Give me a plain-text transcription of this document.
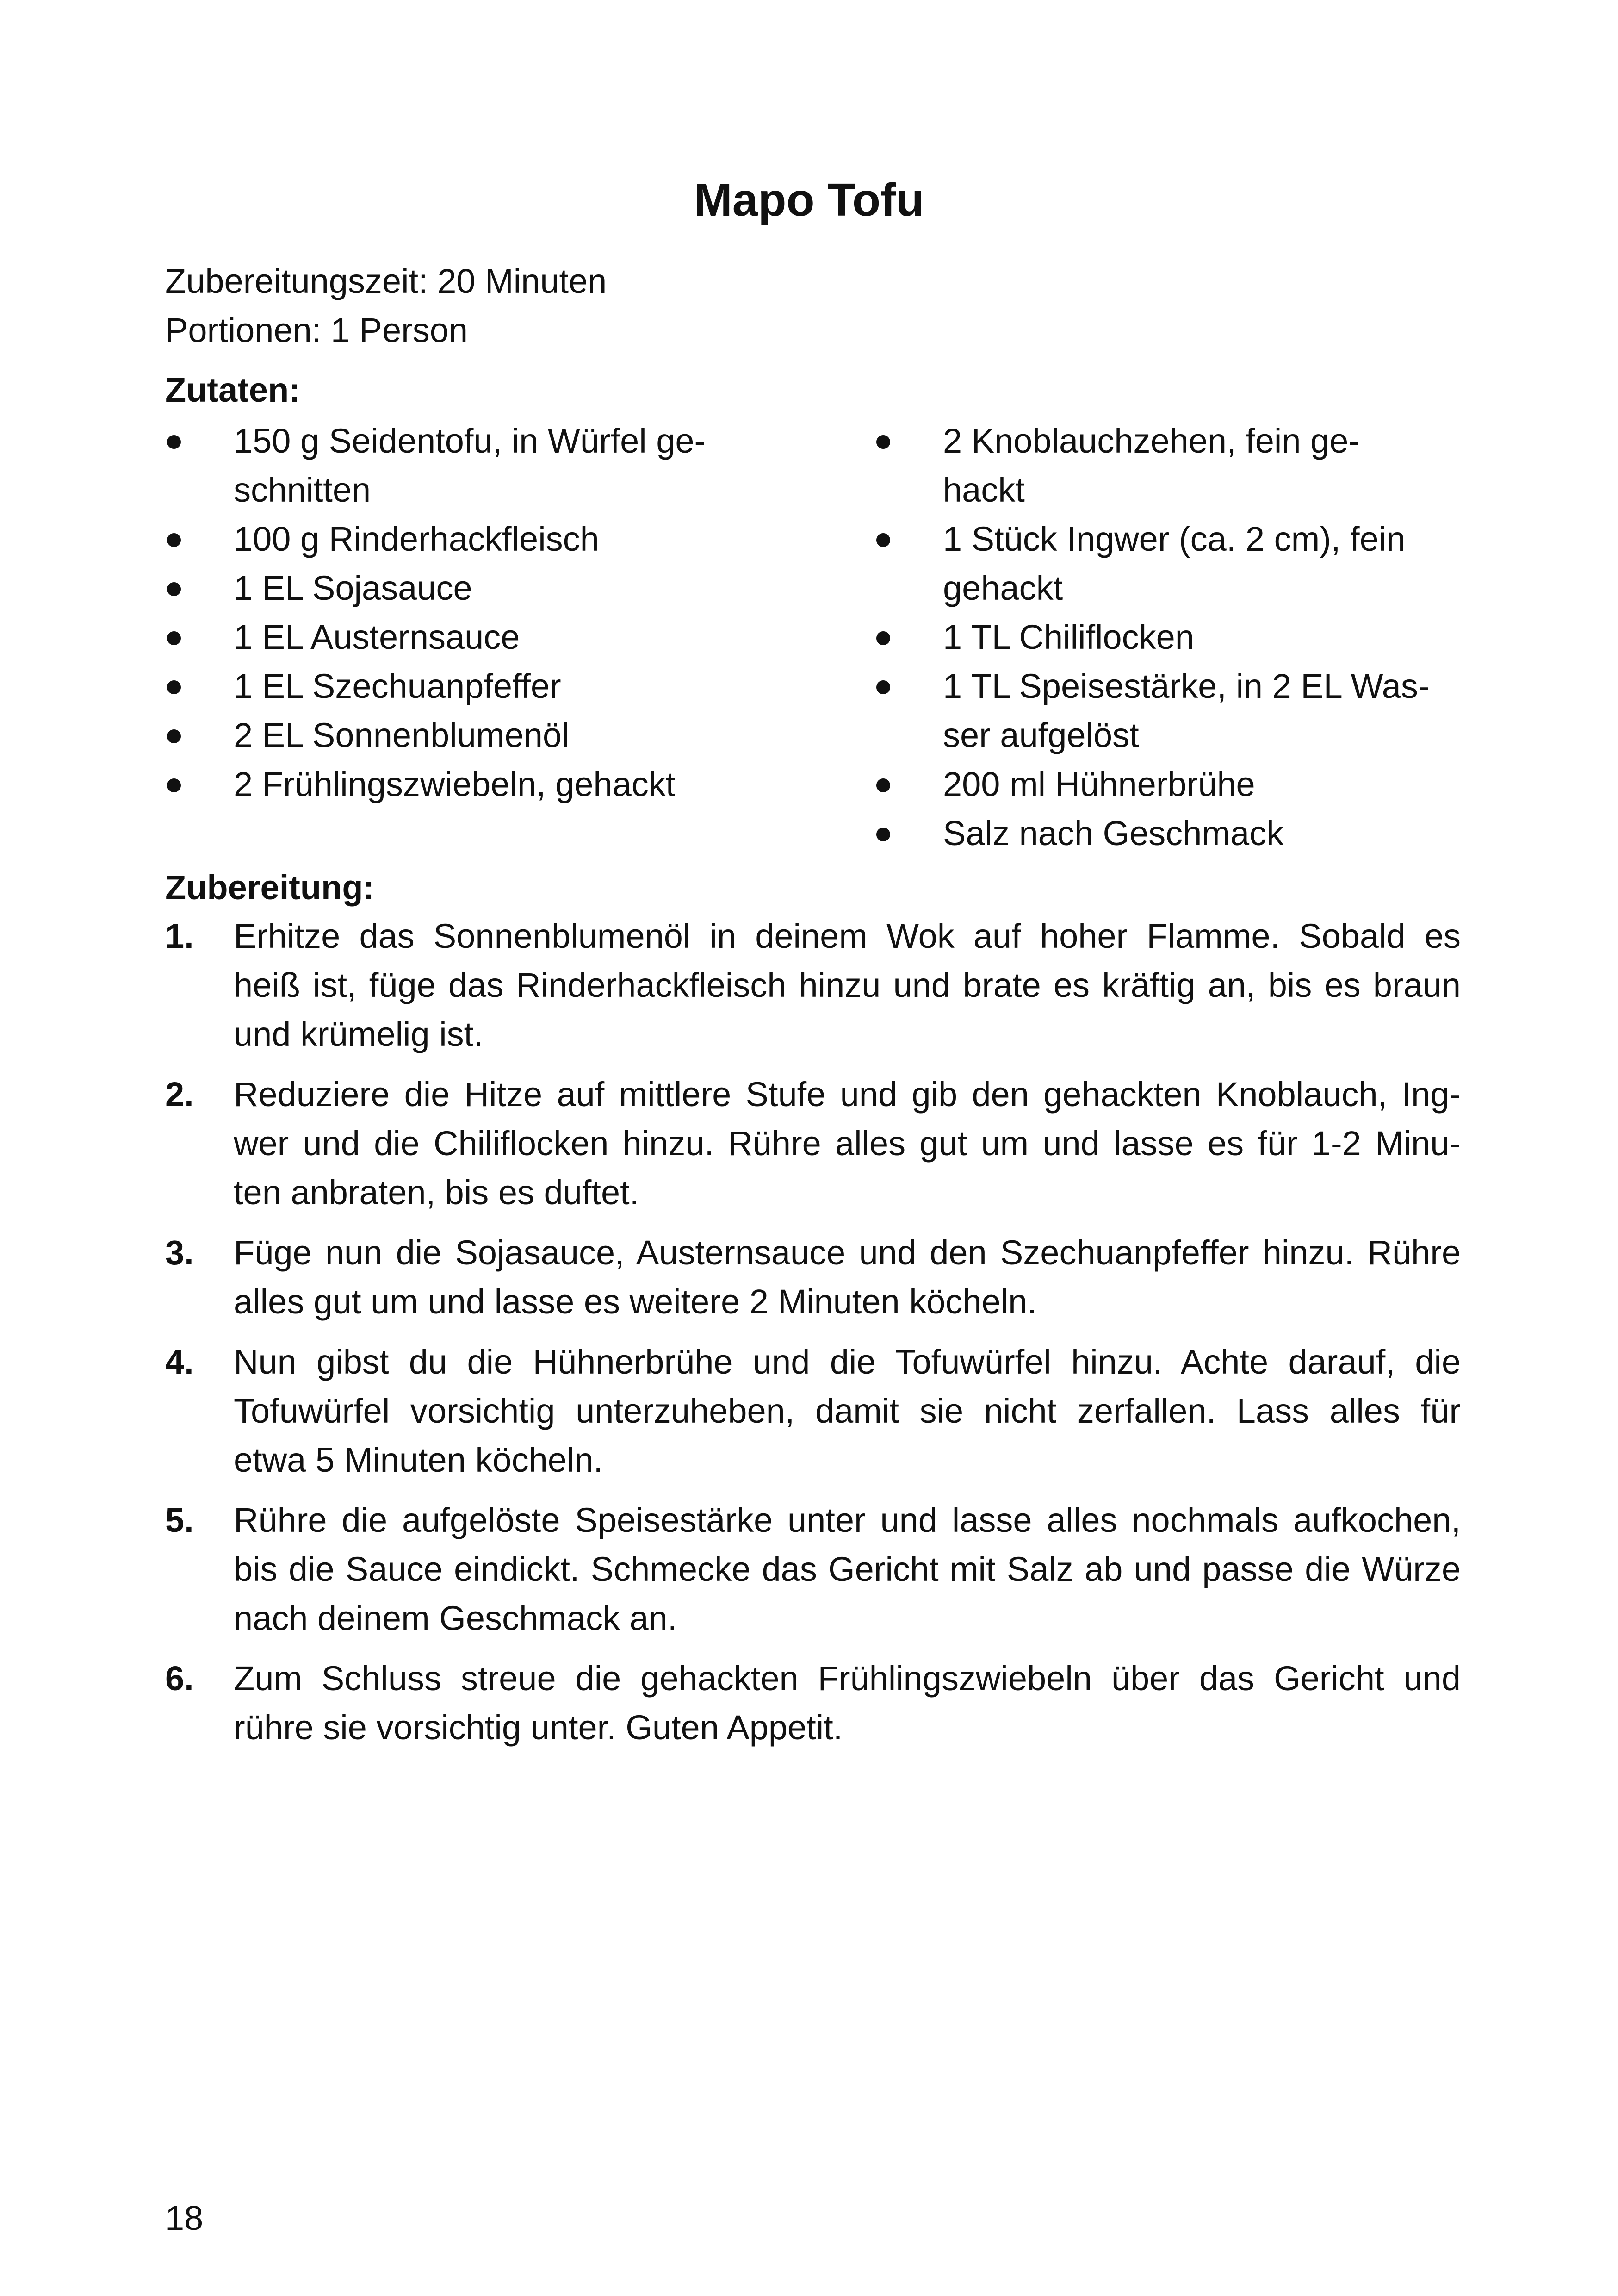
Mapo Tofu
Zubereitungszeit: 20 Minuten
Portionen: 1 Person
Zutaten:
150 g Seidentofu, in Würfel ge-
schnitten
100 g Rinderhackfleisch
1 EL Sojasauce
1 EL Austernsauce
1 EL Szechuanpfeffer
2 EL Sonnenblumenöl
2 Frühlingszwiebeln, gehackt
2 Knoblauchzehen, fein ge-
hackt
1 Stück Ingwer (ca. 2 cm), fein
gehackt
1 TL Chiliflocken
1 TL Speisestärke, in 2 EL Was-
ser aufgelöst
200 ml Hühnerbrühe
Salz nach Geschmack
Zubereitung:
1. Erhitze das Sonnenblumenöl in deinem Wok auf hoher Flamme. Sobald es
heiß ist, füge das Rinderhackfleisch hinzu und brate es kräftig an, bis es braun
und krümelig ist.
2. Reduziere die Hitze auf mittlere Stufe und gib den gehackten Knoblauch, Ing-
wer und die Chiliflocken hinzu. Rühre alles gut um und lasse es für 1-2 Minu-
ten anbraten, bis es duftet.
3. Füge nun die Sojasauce, Austernsauce und den Szechuanpfeffer hinzu. Rühre
alles gut um und lasse es weitere 2 Minuten köcheln.
4. Nun gibst du die Hühnerbrühe und die Tofuwürfel hinzu. Achte darauf, die
Tofuwürfel vorsichtig unterzuheben, damit sie nicht zerfallen. Lass alles für
etwa 5 Minuten köcheln.
5. Rühre die aufgelöste Speisestärke unter und lasse alles nochmals aufkochen,
bis die Sauce eindickt. Schmecke das Gericht mit Salz ab und passe die Würze
nach deinem Geschmack an.
6. Zum Schluss streue die gehackten Frühlingszwiebeln über das Gericht und
rühre sie vorsichtig unter. Guten Appetit.
18
